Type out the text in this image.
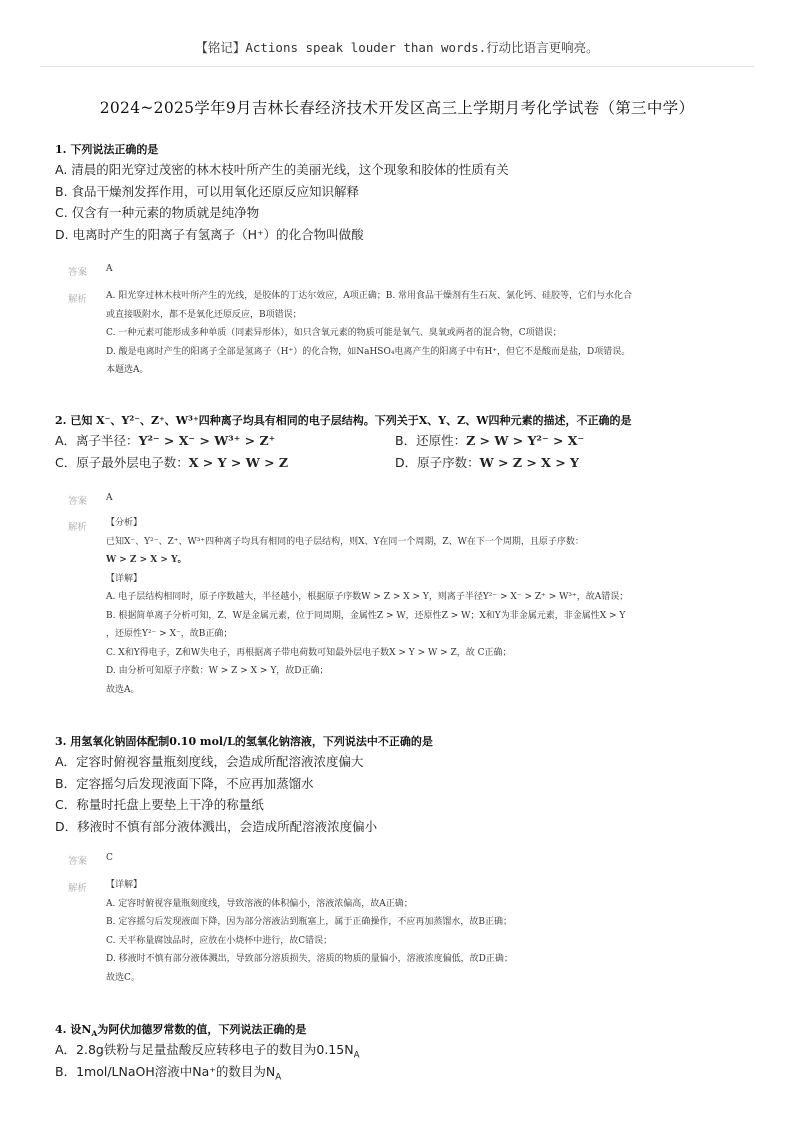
【铭记】Actions speak louder than words.行动比语言更响亮。
2024~2025学年9月吉林长春经济技术开发区高三上学期月考化学试卷（第三中学）
1. 下列说法正确的是
A. 清晨的阳光穿过茂密的林木枝叶所产生的美丽光线，这个现象和胶体的性质有关
B. 食品干燥剂发挥作用，可以用氧化还原反应知识解释
C. 仅含有一种元素的物质就是纯净物
D. 电离时产生的阳离子有氢离子（H⁺）的化合物叫做酸
答案 A
解析 A. 阳光穿过林木枝叶所产生的光线，是胶体的丁达尔效应，A项正确；B. 常用食品干燥剂有生石灰、氯化钙、硅胶等，它们与水化合
或直接吸附水，都不是氧化还原反应，B项错误；
C. 一种元素可能形成多种单质（同素异形体），如只含氧元素的物质可能是氧气、臭氧或两者的混合物，C项错误；
D. 酸是电离时产生的阳离子全部是氢离子（H⁺）的化合物，如NaHSO₄电离产生的阳离子中有H⁺，但它不是酸而是盐，D项错误。
本题选A。
2. 已知 X⁻、Y²⁻、Z⁺、W³⁺四种离子均具有相同的电子层结构。下列关于X、Y、Z、W四种元素的描述，不正确的是
A．离子半径：Y²⁻ > X⁻ > W³⁺ > Z⁺	B．还原性：Z > W > Y²⁻ > X⁻
C．原子最外层电子数：X > Y > W > Z	D．原子序数：W > Z > X > Y
答案 A
解析 【分析】
已知X⁻、Y²⁻、Z⁺、W³⁺四种离子均具有相同的电子层结构，则X、Y在同一个周期，Z、W在下一个周期，且原子序数：
W > Z > X > Y。
【详解】
A. 电子层结构相同时，原子序数越大，半径越小，根据原子序数W > Z > X > Y，则离子半径Y²⁻ > X⁻ > Z⁺ > W³⁺，故A错误；
B. 根据简单离子分析可知，Z、W是金属元素，位于同周期，金属性Z > W，还原性Z > W；X和Y为非金属元素，非金属性X > Y
，还原性Y²⁻ > X⁻，故B正确；
C. X和Y得电子，Z和W失电子，再根据离子带电荷数可知最外层电子数X > Y > W > Z，故 C正确；
D. 由分析可知原子序数：W > Z > X > Y，故D正确；
故选A。
3. 用氢氧化钠固体配制0.10 mol/L的氢氧化钠溶液，下列说法中不正确的是
A．定容时俯视容量瓶刻度线，会造成所配溶液浓度偏大
B．定容摇匀后发现液面下降，不应再加蒸馏水
C．称量时托盘上要垫上干净的称量纸
D．移液时不慎有部分液体溅出，会造成所配溶液浓度偏小
答案 C
解析 【详解】
A. 定容时俯视容量瓶刻度线，导致溶液的体积偏小，溶液浓偏高，故A正确；
B. 定容摇匀后发现液面下降，因为部分溶液沾到瓶塞上，属于正确操作，不应再加蒸馏水，故B正确；
C. 天平称量腐蚀品时，应放在小烧杯中进行，故C错误；
D. 移液时不慎有部分液体溅出，导致部分溶质损失，溶质的物质的量偏小，溶液浓度偏低，故D正确；
故选C。
4. 设$N_A$为阿伏加德罗常数的值，下列说法正确的是
A．2.8g铁粉与足量盐酸反应转移电子的数目为$0.15N_A$
B．1mol/LNaOH溶液中Na⁺的数目为$N_A$
